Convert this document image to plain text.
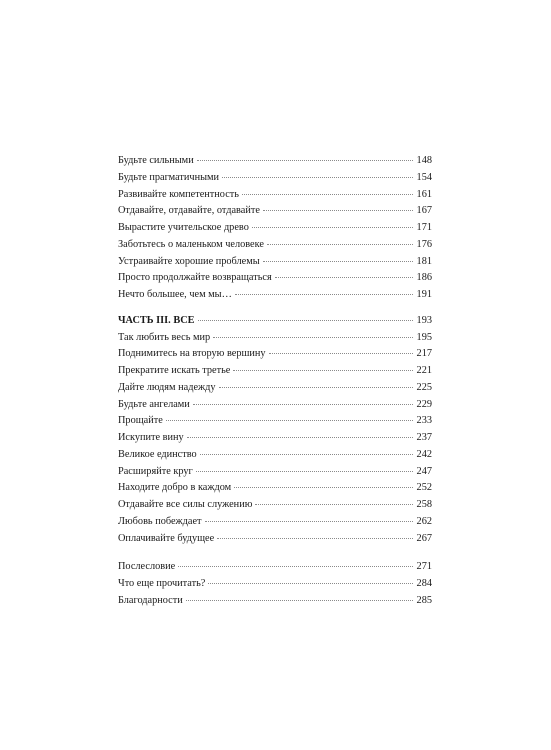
Будьте сильными	148
Будьте прагматичными	154
Развивайте компетентность	161
Отдавайте, отдавайте, отдавайте	167
Вырастите учительское древо	171
Заботьтесь о маленьком человеке	176
Устраивайте хорошие проблемы	181
Просто продолжайте возвращаться	186
Нечто большее, чем мы…	191
ЧАСТЬ III. ВСЕ	193
Так любить весь мир	195
Поднимитесь на вторую вершину	217
Прекратите искать третье	221
Дайте людям надежду	225
Будьте ангелами	229
Прощайте	233
Искупите вину	237
Великое единство	242
Расширяйте круг	247
Находите добро в каждом	252
Отдавайте все силы служению	258
Любовь побеждает	262
Оплачивайте будущее	267
Послесловие	271
Что еще прочитать?	284
Благодарности	285
